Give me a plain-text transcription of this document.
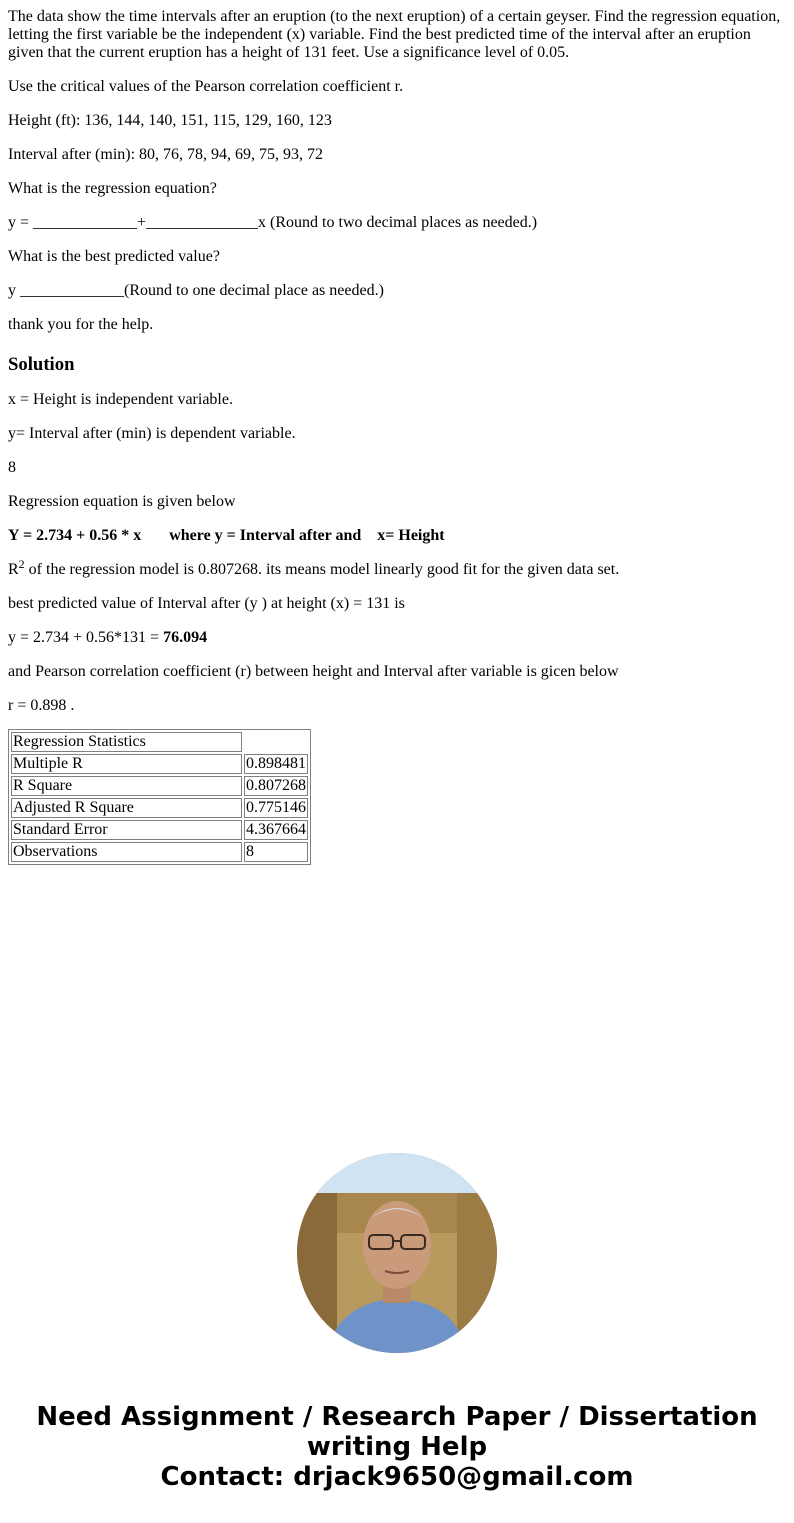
The data show the time intervals after an eruption (to the next eruption) of a certain geyser. Find the regression equation, letting the first variable be the independent (x) variable. Find the best predicted time of the interval after an eruption given that the current eruption has a height of 131 feet. Use a significance level of 0.05.

Use the critical values of the Pearson correlation coefficient r.

Height (ft): 136, 144, 140, 151, 115, 129, 160, 123

Interval after (min): 80, 76, 78, 94, 69, 75, 93, 72

What is the regression equation?

y = _____________+______________x (Round to two decimal places as needed.)

What is the best predicted value?

y _____________(Round to one decimal place as needed.)

thank you for the help.

Solution

x = Height is independent variable.

y= Interval after (min) is dependent variable.

8

Regression equation is given below

Y = 2.734 + 0.56 * x where y = Interval after and x= Height

$R^2$ of the regression model is 0.807268. its means model linearly good fit for the given data set.

best predicted value of Interval after (y ) at height (x) = 131 is

y = 2.734 + 0.56*131 = 76.094

and Pearson correlation coefficient (r) between height and Interval after variable is gicen below

r = 0.898 .

Regression Statistics	
Multiple R	0.898481
R Square	0.807268
Adjusted R Square	0.775146
Standard Error	4.367664
Observations	8
Need Assignment / Research Paper / Dissertation
writing Help
Contact: drjack9650@gmail.com
